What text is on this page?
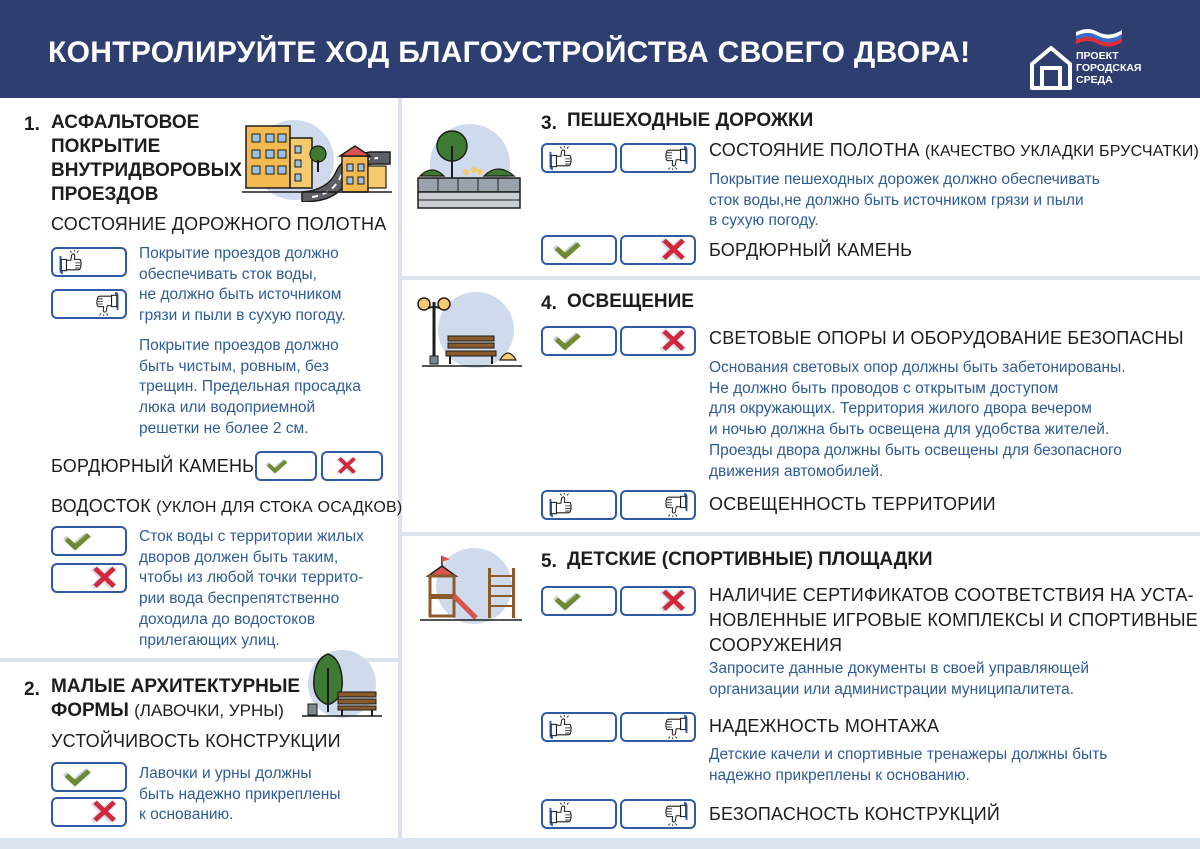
КОНТРОЛИРУЙТЕ ХОД БЛАГОУСТРОЙСТВА СВОЕГО ДВОРА!	ПРОЕКТ
ГОРОДСКАЯ
СРЕДА
1. АСФАЛЬТОВОЕ
ПОКРЫТИЕ
ВНУТРИДВОРОВЫХ
ПРОЕЗДОВ
СОСТОЯНИЕ ДОРОЖНОГО ПОЛОТНА
Покрытие проездов должно
обеспечивать сток воды,
не должно быть источником
грязи и пыли в сухую погоду.
Покрытие проездов должно
быть чистым, ровным, без
трещин. Предельная просадка
люка или водоприемной
решетки не более 2 см.
БОРДЮРНЫЙ КАМЕНЬ
ВОДОСТОК (УКЛОН ДЛЯ СТОКА ОСАДКОВ)
Сток воды с территории жилых
дворов должен быть таким,
чтобы из любой точки террито-
рии вода беспрепятственно
доходила до водостоков
прилегающих улиц.
2. МАЛЫЕ АРХИТЕКТУРНЫЕ
ФОРМЫ (ЛАВОЧКИ, УРНЫ)
УСТОЙЧИВОСТЬ КОНСТРУКЦИИ
Лавочки и урны должны
быть надежно прикреплены
к основанию.
3. ПЕШЕХОДНЫЕ ДОРОЖКИ
СОСТОЯНИЕ ПОЛОТНА (КАЧЕСТВО УКЛАДКИ БРУСЧАТКИ)
Покрытие пешеходных дорожек должно обеспечивать
сток воды,не должно быть источником грязи и пыли
в сухую погоду.
БОРДЮРНЫЙ КАМЕНЬ
4. ОСВЕЩЕНИЕ
СВЕТОВЫЕ ОПОРЫ И ОБОРУДОВАНИЕ БЕЗОПАСНЫ
Основания световых опор должны быть забетонированы.
Не должно быть проводов с открытым доступом
для окружающих. Территория жилого двора вечером
и ночью должна быть освещена для удобства жителей.
Проезды двора должны быть освещены для безопасного
движения автомобилей.
ОСВЕЩЕННОСТЬ ТЕРРИТОРИИ
5. ДЕТСКИЕ (СПОРТИВНЫЕ) ПЛОЩАДКИ
НАЛИЧИЕ СЕРТИФИКАТОВ СООТВЕТСТВИЯ НА УСТА-
НОВЛЕННЫЕ ИГРОВЫЕ КОМПЛЕКСЫ И СПОРТИВНЫЕ
СООРУЖЕНИЯ
Запросите данные документы в своей управляющей
организации или администрации муниципалитета.
НАДЕЖНОСТЬ МОНТАЖА
Детские качели и спортивные тренажеры должны быть
надежно прикреплены к основанию.
БЕЗОПАСНОСТЬ КОНСТРУКЦИЙ
